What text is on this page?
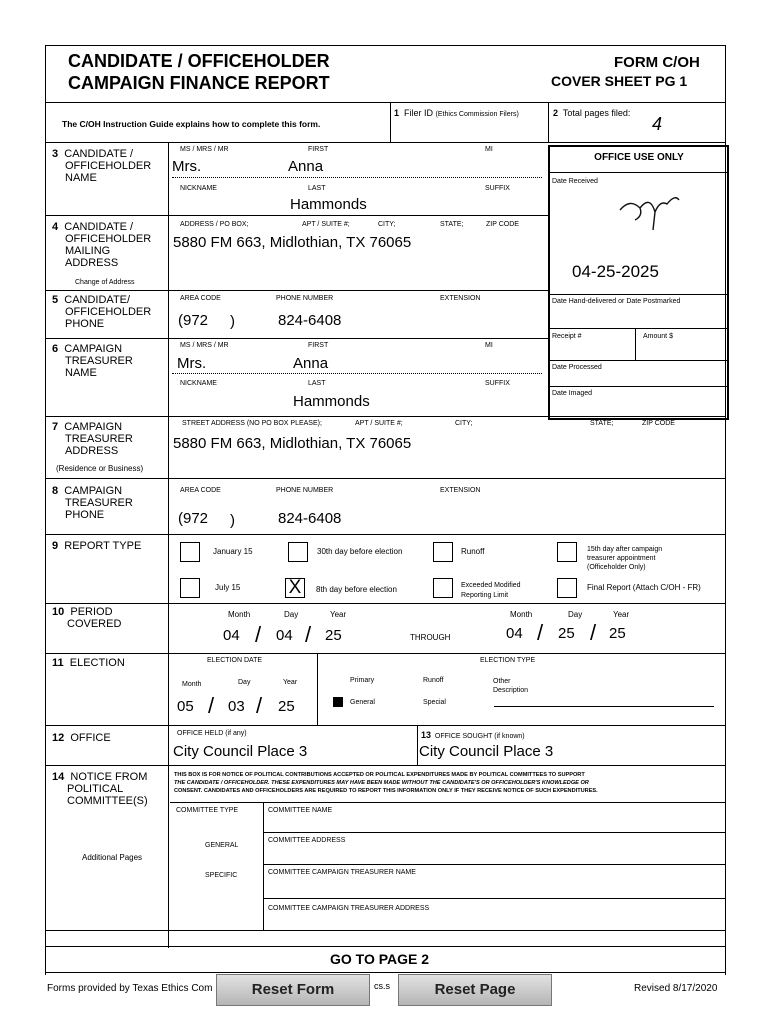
CANDIDATE / OFFICEHOLDER
CAMPAIGN FINANCE REPORT
FORM C/OH
COVER SHEET PG 1
The C/OH Instruction Guide explains how to complete this form.
1 Filer ID (Ethics Commission Filers)	2 Total pages filed:
4
OFFICE USE ONLY
Date Received
04-25-2025
Date Hand-delivered or Date Postmarked
Receipt #	Amount $
Date Processed
Date Imaged
3 CANDIDATE /
OFFICEHOLDER
NAME
MS / MRS / MR	FIRST	MI
Mrs.	Anna
NICKNAME	LAST	SUFFIX
Hammonds
4 CANDIDATE /
OFFICEHOLDER
MAILING
ADDRESS
Change of Address
ADDRESS / PO BOX;	APT / SUITE #;	CITY;	STATE;	ZIP CODE
5880 FM 663, Midlothian, TX 76065
5 CANDIDATE/
OFFICEHOLDER
PHONE
AREA CODE	PHONE NUMBER	EXTENSION
(972 )	824-6408
6 CAMPAIGN
TREASURER
NAME
MS / MRS / MR	FIRST	MI
Mrs.	Anna
NICKNAME	LAST	SUFFIX
Hammonds
7 CAMPAIGN
TREASURER
ADDRESS
(Residence or Business)
STREET ADDRESS (NO PO BOX PLEASE);	APT / SUITE #;	CITY;	STATE;	ZIP CODE
5880 FM 663, Midlothian, TX 76065
8 CAMPAIGN
TREASURER
PHONE
AREA CODE	PHONE NUMBER	EXTENSION
(972 )	824-6408
9 REPORT TYPE	January 15	30th day before election	Runoff	15th day after campaign
treasurer appointment
(Officeholder Only)
July 15	X	8th day before election	Exceeded Modified
Reporting Limit
Final Report (Attach C/OH - FR)
10 PERIOD
COVERED
Month	Day	Year
04 / 04 / 25	THROUGH
Month	Day	Year
04 / 25 / 25
11 ELECTION	ELECTION DATE	ELECTION TYPE
Month	Day	Year
05 / 03 / 25
Primary	Runoff	Other
Description
General	Special
12 OFFICE	OFFICE HELD (if any)
City Council Place 3
13 OFFICE SOUGHT (if known)
City Council Place 3
14 NOTICE FROM
POLITICAL
COMMITTEE(S)
Additional Pages
THIS BOX IS FOR NOTICE OF POLITICAL CONTRIBUTIONS ACCEPTED OR POLITICAL EXPENDITURES MADE BY POLITICAL COMMITTEES TO SUPPORT
THE CANDIDATE / OFFICEHOLDER. THESE EXPENDITURES MAY HAVE BEEN MADE WITHOUT THE CANDIDATE'S OR OFFICEHOLDER'S KNOWLEDGE OR
CONSENT. CANDIDATES AND OFFICEHOLDERS ARE REQUIRED TO REPORT THIS INFORMATION ONLY IF THEY RECEIVE NOTICE OF SUCH EXPENDITURES.
COMMITTEE TYPE	COMMITTEE NAME
COMMITTEE ADDRESS
GENERAL
COMMITTEE CAMPAIGN TREASURER NAME
SPECIFIC
COMMITTEE CAMPAIGN TREASURER ADDRESS
GO TO PAGE 2
Forms provided by Texas Ethics Com	cs.s
Reset Form	Reset Page	Revised 8/17/2020
